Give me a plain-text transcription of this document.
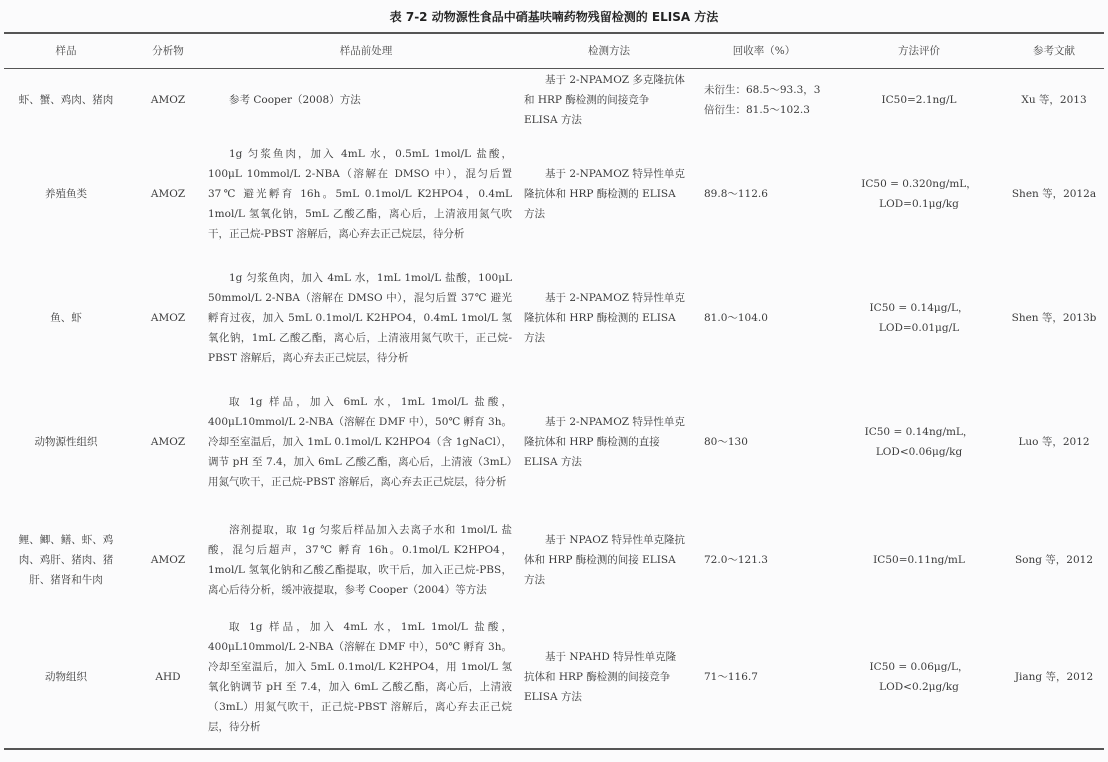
表 7-2 动物源性食品中硝基呋喃药物残留检测的 ELISA 方法
样品	分析物	样品前处理	检测方法	回收率（%）	方法评价	参考文献
虾、蟹、鸡肉、猪肉	AMOZ	参考 Cooper（2008）方法	基于 2-NPAMOZ 多克隆抗体和 HRP 酶检测的间接竞争 ELISA 方法	未衍生：68.5～93.3，3 倍衍生：81.5～102.3	IC50=2.1ng/L	Xu 等，2013
养殖鱼类	AMOZ	1g 匀浆鱼肉，加入 4mL 水，0.5mL 1mol/L 盐酸，100μL 10mmol/L 2-NBA（溶解在 DMSO 中），混匀后置 37℃ 避光孵育 16h。5mL 0.1mol/L K2HPO4，0.4mL 1mol/L 氢氧化钠，5mL 乙酸乙酯，离心后，上清液用氮气吹干，正己烷-PBST 溶解后，离心弃去正己烷层，待分析	基于 2-NPAMOZ 特异性单克隆抗体和 HRP 酶检测的 ELISA 方法	89.8～112.6	IC50 = 0.320ng/mL，LOD=0.1μg/kg	Shen 等，2012a
鱼、虾	AMOZ	1g 匀浆鱼肉，加入 4mL 水，1mL 1mol/L 盐酸，100μL 50mmol/L 2-NBA（溶解在 DMSO 中），混匀后置 37℃ 避光孵育过夜，加入 5mL 0.1mol/L K2HPO4，0.4mL 1mol/L 氢氧化钠，1mL 乙酸乙酯，离心后，上清液用氮气吹干，正己烷-PBST 溶解后，离心弃去正己烷层，待分析	基于 2-NPAMOZ 特异性单克隆抗体和 HRP 酶检测的 ELISA 方法	81.0～104.0	IC50 = 0.14μg/L，LOD=0.01μg/L	Shen 等，2013b
动物源性组织	AMOZ	取 1g 样品，加入 6mL 水，1mL 1mol/L 盐酸，400μL10mmol/L 2-NBA（溶解在 DMF 中），50℃ 孵育 3h。冷却至室温后，加入 1mL 0.1mol/L K2HPO4（含 1gNaCl），调节 pH 至 7.4，加入 6mL 乙酸乙酯，离心后，上清液（3mL）用氮气吹干，正己烷-PBST 溶解后，离心弃去正己烷层，待分析	基于 2-NPAMOZ 特异性单克隆抗体和 HRP 酶检测的直接 ELISA 方法	80～130	IC50 = 0.14ng/mL，LOD<0.06μg/kg	Luo 等，2012
鲤、鲫、鳝、虾、鸡肉、鸡肝、猪肉、猪肝、猪肾和牛肉	AMOZ	溶剂提取，取 1g 匀浆后样品加入去离子水和 1mol/L 盐酸，混匀后超声，37℃ 孵育 16h。0.1mol/L K2HPO4，1mol/L 氢氧化钠和乙酸乙酯提取，吹干后，加入正己烷-PBS，离心后待分析，缓冲液提取，参考 Cooper（2004）等方法	基于 NPAOZ 特异性单克隆抗体和 HRP 酶检测的间接 ELISA 方法	72.0～121.3	IC50=0.11ng/mL	Song 等，2012
动物组织	AHD	取 1g 样品，加入 4mL 水，1mL 1mol/L 盐酸，400μL10mmol/L 2-NBA（溶解在 DMF 中），50℃ 孵育 3h。冷却至室温后，加入 5mL 0.1mol/L K2HPO4，用 1mol/L 氢氧化钠调节 pH 至 7.4，加入 6mL 乙酸乙酯，离心后，上清液（3mL）用氮气吹干，正己烷-PBST 溶解后，离心弃去正己烷层，待分析	基于 NPAHD 特异性单克隆抗体和 HRP 酶检测的间接竞争 ELISA 方法	71～116.7	IC50 = 0.06μg/L，LOD<0.2μg/kg	Jiang 等，2012
